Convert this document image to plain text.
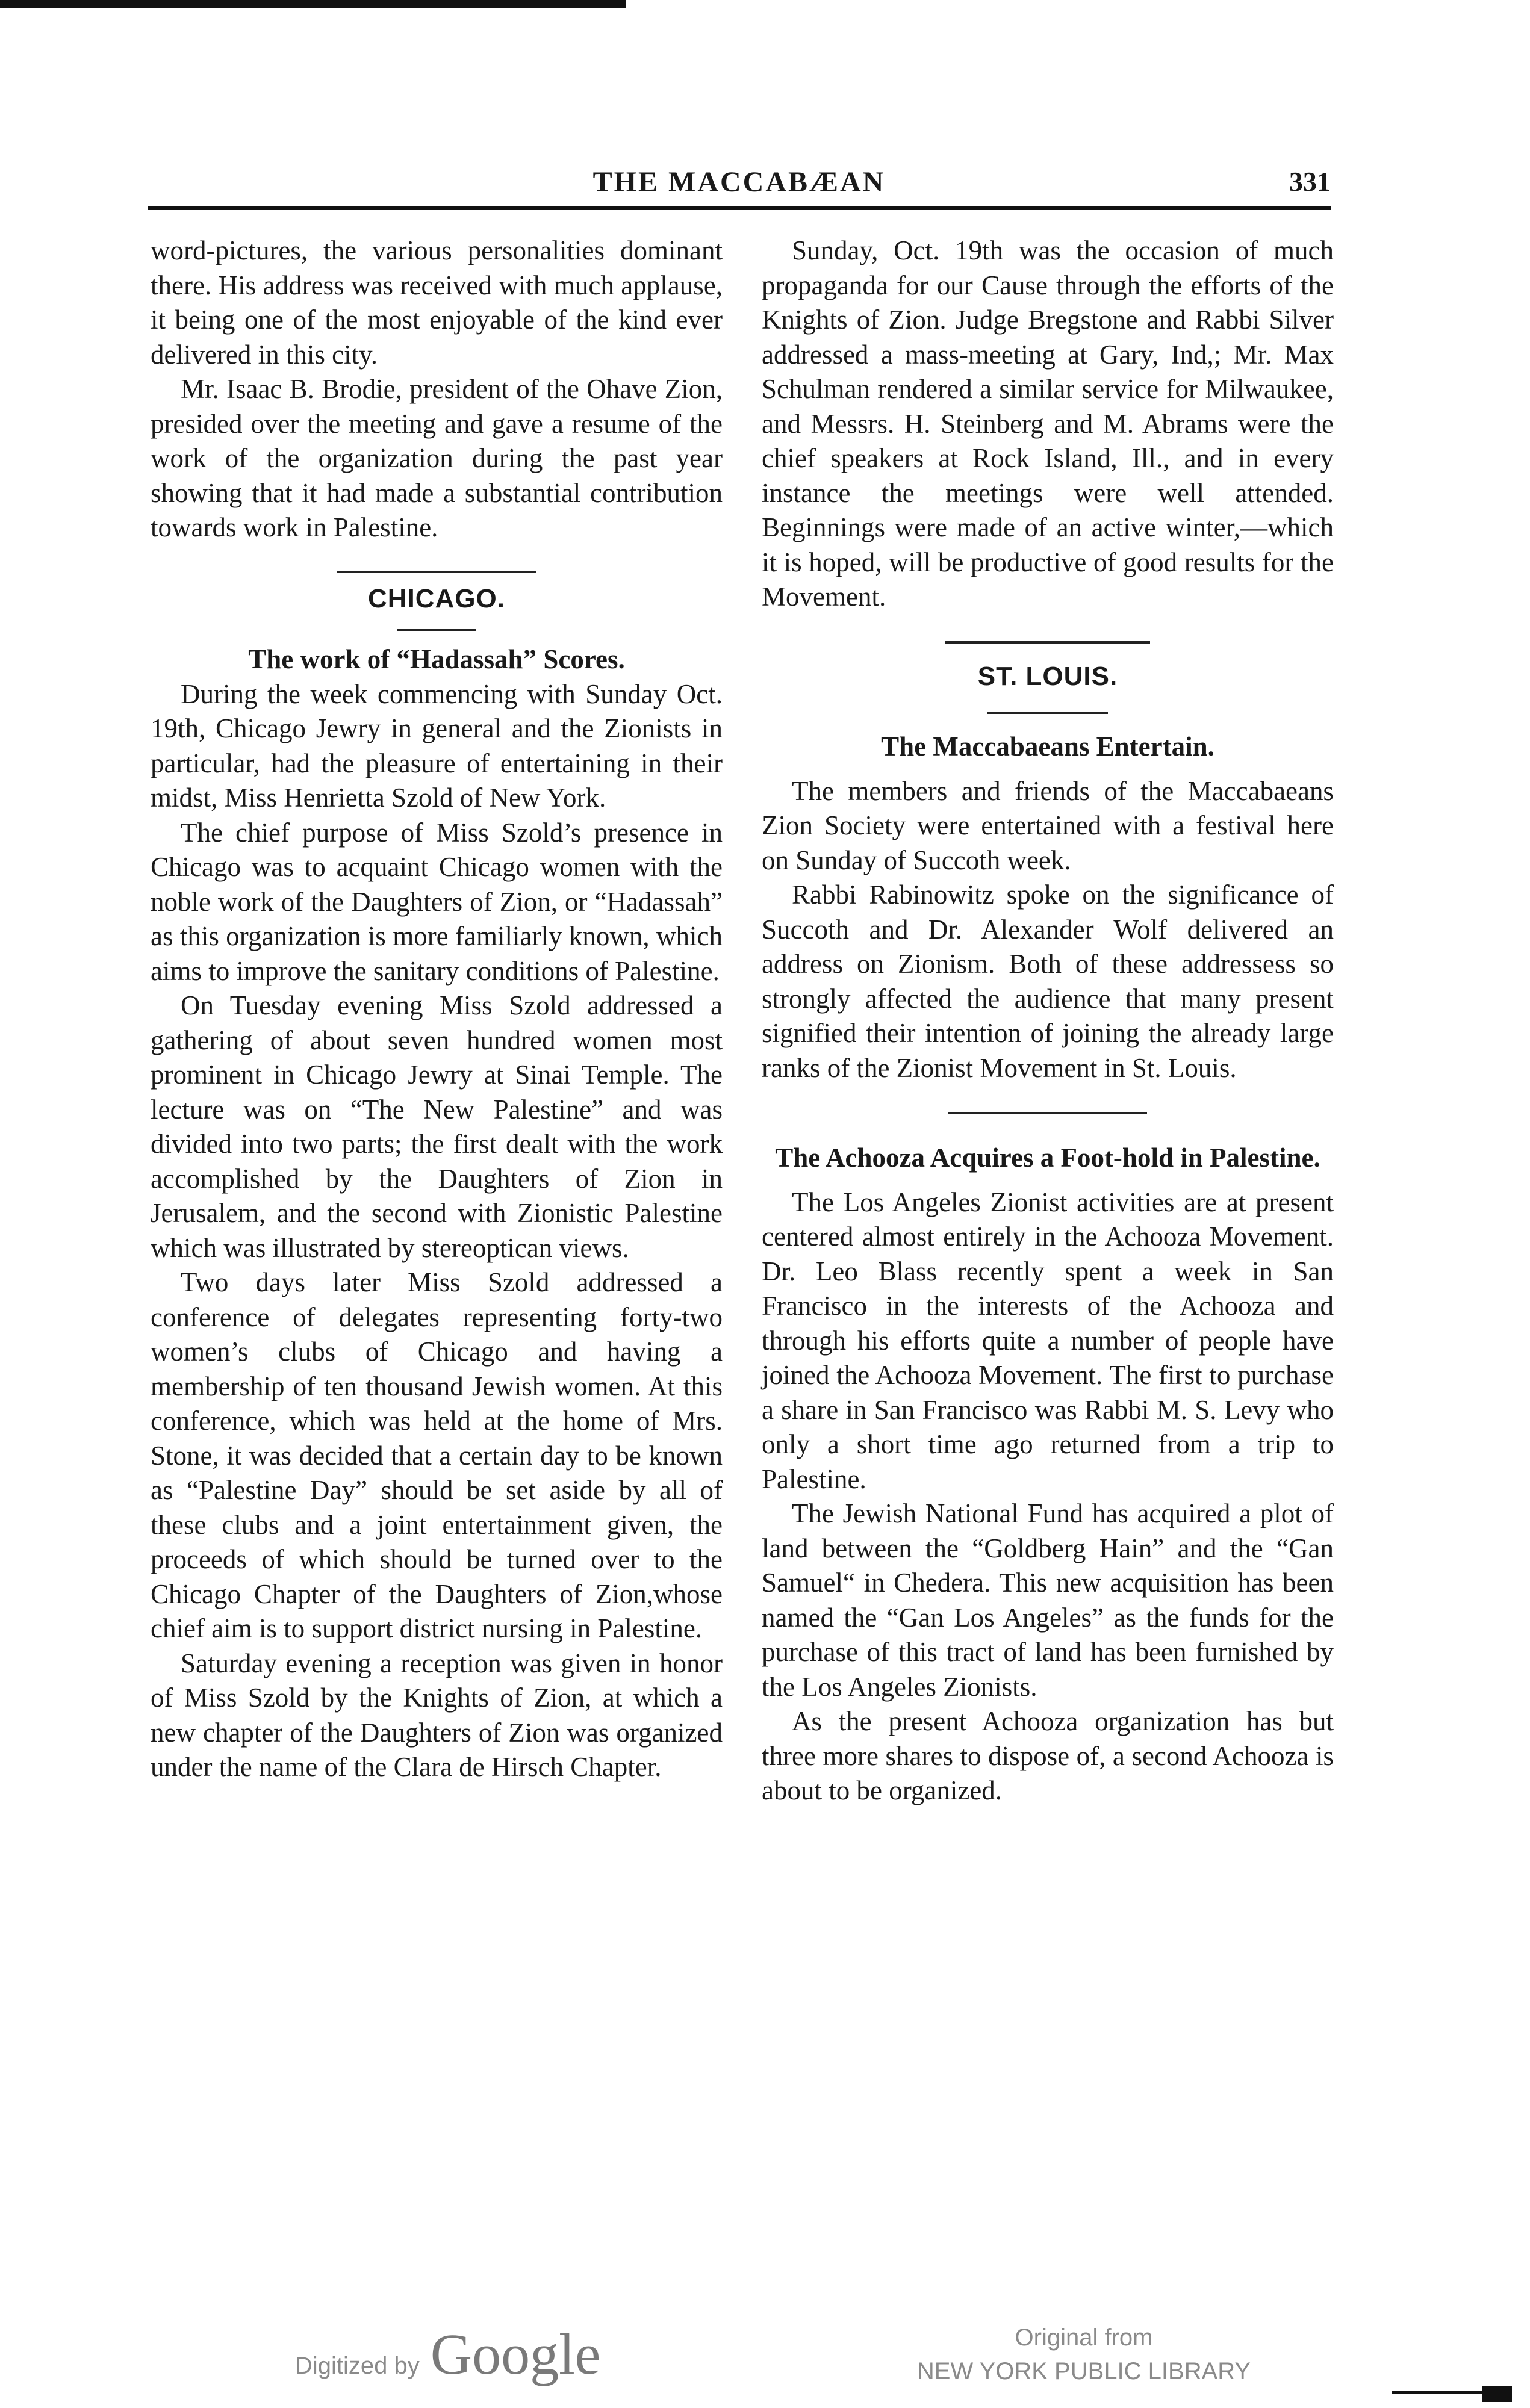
THE MACCABÆAN	331

word-pictures, the various personalities dominant there. His address was received with much applause, it being one of the most enjoyable of the kind ever delivered in this city.

Mr. Isaac B. Brodie, president of the Ohave Zion, presided over the meeting and gave a resume of the work of the organization during the past year showing that it had made a substantial contribution towards work in Palestine.

CHICAGO.
The work of “Hadassah” Scores.

During the week commencing with Sunday Oct. 19th, Chicago Jewry in general and the Zionists in particular, had the pleasure of entertaining in their midst, Miss Henrietta Szold of New York.

The chief purpose of Miss Szold’s presence in Chicago was to acquaint Chicago women with the noble work of the Daughters of Zion, or “Hadassah” as this organization is more familiarly known, which aims to improve the sanitary conditions of Palestine.

On Tuesday evening Miss Szold addressed a gathering of about seven hundred women most prominent in Chicago Jewry at Sinai Temple. The lecture was on “The New Palestine” and was divided into two parts; the first dealt with the work accomplished by the Daughters of Zion in Jerusalem, and the second with Zionistic Palestine which was illustrated by stereoptican views.

Two days later Miss Szold addressed a conference of delegates representing forty-two women’s clubs of Chicago and having a membership of ten thousand Jewish women. At this conference, which was held at the home of Mrs. Stone, it was decided that a certain day to be known as “Palestine Day” should be set aside by all of these clubs and a joint entertainment given, the proceeds of which should be turned over to the Chicago Chapter of the Daughters of Zion,whose chief aim is to support district nursing in Palestine.

Saturday evening a reception was given in honor of Miss Szold by the Knights of Zion, at which a new chapter of the Daughters of Zion was organized under the name of the Clara de Hirsch Chapter.

Sunday, Oct. 19th was the occasion of much propaganda for our Cause through the efforts of the Knights of Zion. Judge Bregstone and Rabbi Silver addressed a mass-meeting at Gary, Ind,; Mr. Max Schulman rendered a similar service for Milwaukee, and Messrs. H. Steinberg and M. Abrams were the chief speakers at Rock Island, Ill., and in every instance the meetings were well attended. Beginnings were made of an active winter,—which it is hoped, will be productive of good results for the Movement.

ST. LOUIS.
The Maccabaeans Entertain.

The members and friends of the Maccabaeans Zion Society were entertained with a festival here on Sunday of Succoth week.

Rabbi Rabinowitz spoke on the significance of Succoth and Dr. Alexander Wolf delivered an address on Zionism. Both of these addressess so strongly affected the audience that many present signified their intention of joining the already large ranks of the Zionist Movement in St. Louis.

The Achooza Acquires a Foot-hold in Palestine.

The Los Angeles Zionist activities are at present centered almost entirely in the Achooza Movement. Dr. Leo Blass recently spent a week in San Francisco in the interests of the Achooza and through his efforts quite a number of people have joined the Achooza Movement. The first to purchase a share in San Francisco was Rabbi M. S. Levy who only a short time ago returned from a trip to Palestine.

The Jewish National Fund has acquired a plot of land between the “Goldberg Hain” and the “Gan Samuel“ in Chedera. This new acquisition has been named the “Gan Los Angeles” as the funds for the purchase of this tract of land has been furnished by the Los Angeles Zionists.

As the present Achooza organization has but three more shares to dispose of, a second Achooza is about to be organized.

Digitized by Google	Original from
NEW YORK PUBLIC LIBRARY
